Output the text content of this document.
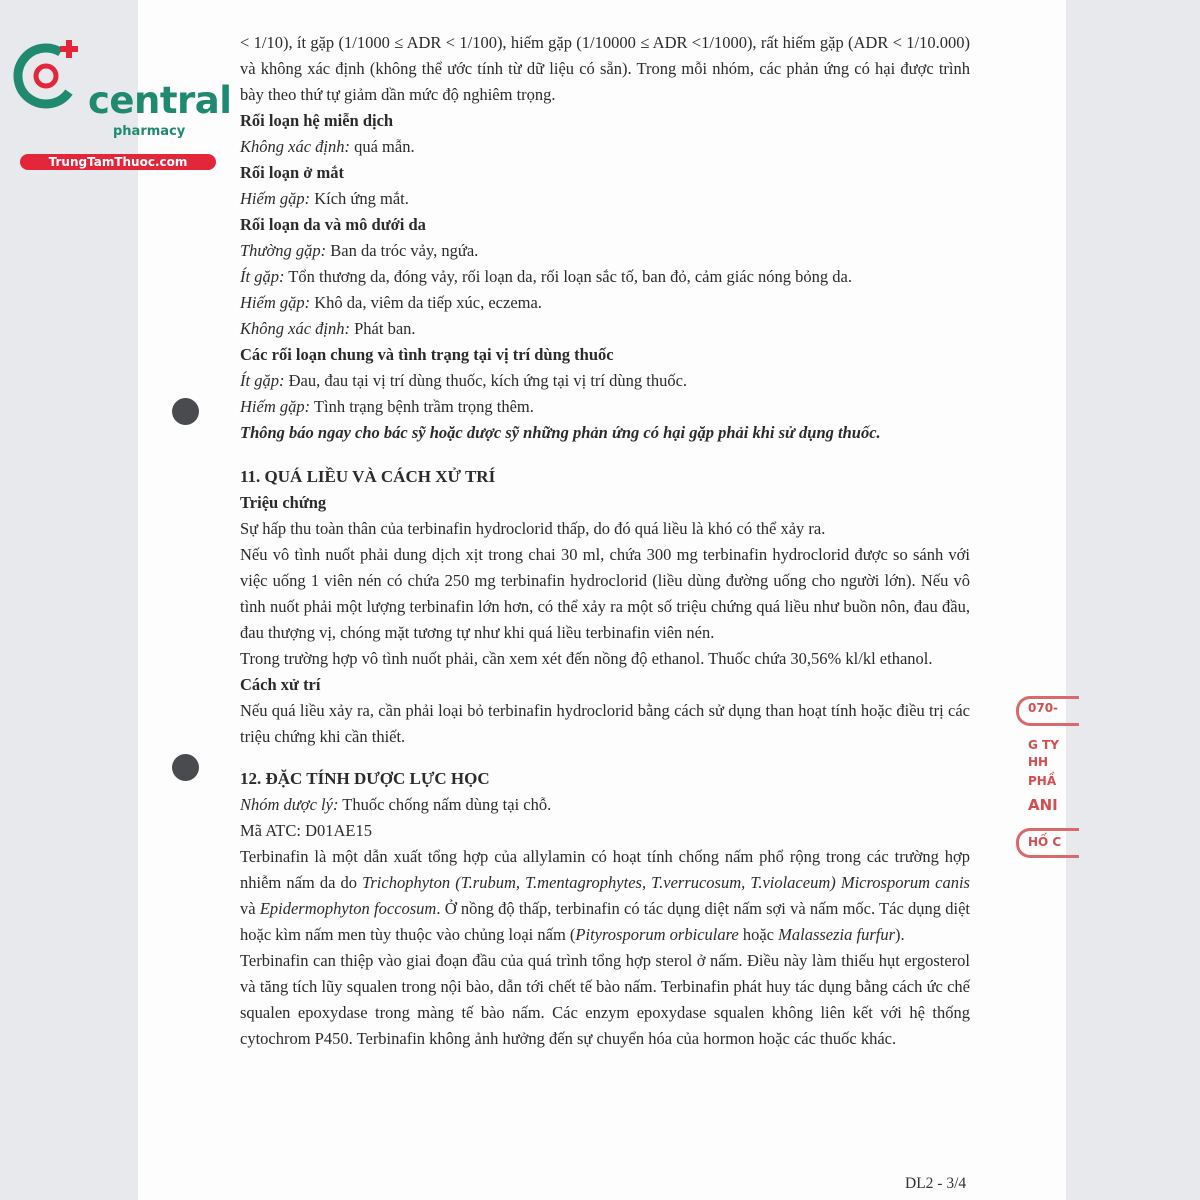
central
pharmacy
TrungTamThuoc.com
070-
G TY
HH
PHẦ
ANI
HỐ C

< 1/10), ít gặp (1/1000 ≤ ADR < 1/100), hiếm gặp (1/10000 ≤ ADR <1/1000), rất hiếm gặp (ADR < 1/10.000) và không xác định (không thể ước tính từ dữ liệu có sẵn). Trong mỗi nhóm, các phản ứng có hại được trình bày theo thứ tự giảm dần mức độ nghiêm trọng.

Rối loạn hệ miễn dịch

Không xác định: quá mẫn.

Rối loạn ở mắt

Hiếm gặp: Kích ứng mắt.

Rối loạn da và mô dưới da

Thường gặp: Ban da tróc vảy, ngứa.

Ít gặp: Tổn thương da, đóng vảy, rối loạn da, rối loạn sắc tố, ban đỏ, cảm giác nóng bỏng da.

Hiếm gặp: Khô da, viêm da tiếp xúc, eczema.

Không xác định: Phát ban.

Các rối loạn chung và tình trạng tại vị trí dùng thuốc

Ít gặp: Đau, đau tại vị trí dùng thuốc, kích ứng tại vị trí dùng thuốc.

Hiếm gặp: Tình trạng bệnh trầm trọng thêm.

Thông báo ngay cho bác sỹ hoặc dược sỹ những phản ứng có hại gặp phải khi sử dụng thuốc.

11. QUÁ LIỀU VÀ CÁCH XỬ TRÍ

Triệu chứng

Sự hấp thu toàn thân của terbinafin hydroclorid thấp, do đó quá liều là khó có thể xảy ra.

Nếu vô tình nuốt phải dung dịch xịt trong chai 30 ml, chứa 300 mg terbinafin hydroclorid được so sánh với việc uống 1 viên nén có chứa 250 mg terbinafin hydroclorid (liều dùng đường uống cho người lớn). Nếu vô tình nuốt phải một lượng terbinafin lớn hơn, có thể xảy ra một số triệu chứng quá liều như buồn nôn, đau đầu, đau thượng vị, chóng mặt tương tự như khi quá liều terbinafin viên nén.

Trong trường hợp vô tình nuốt phải, cần xem xét đến nồng độ ethanol. Thuốc chứa 30,56% kl/kl ethanol.

Cách xử trí

Nếu quá liều xảy ra, cần phải loại bỏ terbinafin hydroclorid bằng cách sử dụng than hoạt tính hoặc điều trị các triệu chứng khi cần thiết.

12. ĐẶC TÍNH DƯỢC LỰC HỌC

Nhóm dược lý: Thuốc chống nấm dùng tại chỗ.

Mã ATC: D01AE15

Terbinafin là một dẫn xuất tổng hợp của allylamin có hoạt tính chống nấm phổ rộng trong các trường hợp nhiễm nấm da do Trichophyton (T.rubum, T.mentagrophytes, T.verrucosum, T.violaceum) Microsporum canis và Epidermophyton foccosum. Ở nồng độ thấp, terbinafin có tác dụng diệt nấm sợi và nấm mốc. Tác dụng diệt hoặc kìm nấm men tùy thuộc vào chủng loại nấm (Pityrosporum orbiculare hoặc Malassezia furfur).

Terbinafin can thiệp vào giai đoạn đầu của quá trình tổng hợp sterol ở nấm. Điều này làm thiếu hụt ergosterol và tăng tích lũy squalen trong nội bào, dẫn tới chết tế bào nấm. Terbinafin phát huy tác dụng bằng cách ức chế squalen epoxydase trong màng tế bào nấm. Các enzym epoxydase squalen không liên kết với hệ thống cytochrom P450. Terbinafin không ảnh hưởng đến sự chuyển hóa của hormon hoặc các thuốc khác.

DL2 - 3/4
